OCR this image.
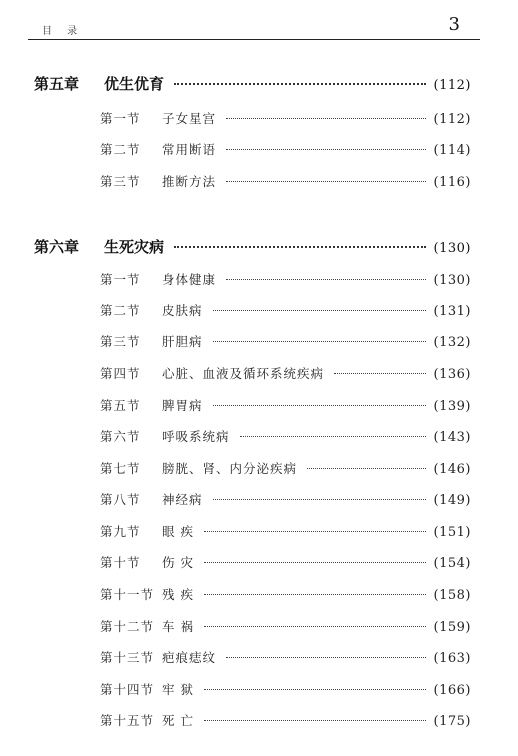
目 录	3
第五章	优生优育	(112)
第一节	子女星宫	(112)
第二节	常用断语	(114)
第三节	推断方法	(116)
第六章	生死灾病	(130)
第一节	身体健康	(130)
第二节	皮肤病	(131)
第三节	肝胆病	(132)
第四节	心脏、血液及循环系统疾病	(136)
第五节	脾胃病	(139)
第六节	呼吸系统病	(143)
第七节	膀胱、肾、内分泌疾病	(146)
第八节	神经病	(149)
第九节	眼 疾	(151)
第十节	伤 灾	(154)
第十一节 残 疾	(158)
第十二节 车 祸	(159)
第十三节 疤痕痣纹	(163)
第十四节 牢 狱	(166)
第十五节 死 亡	(175)
